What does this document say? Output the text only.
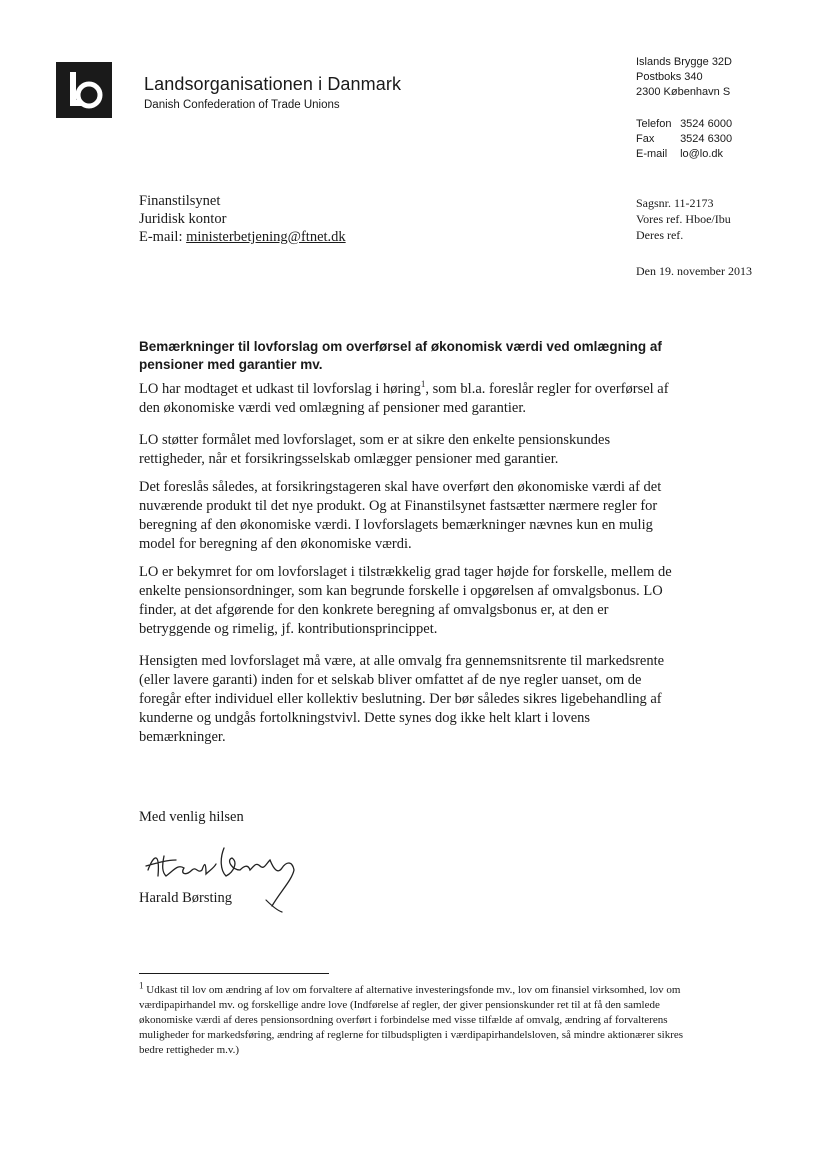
Landsorganisationen i Danmark
Danish Confederation of Trade Unions
Islands Brygge 32D
Postboks 340
2300 København S
Telefon 3524 6000
Fax 3524 6300
E-mail lo@lo.dk
Finanstilsynet
Juridisk kontor
E-mail: ministerbetjening@ftnet.dk
Sagsnr. 11-2173
Vores ref. Hboe/Ibu
Deres ref.
Den 19. november 2013
Bemærkninger til lovforslag om overførsel af økonomisk værdi ved omlægning af pensioner med garantier mv.

LO har modtaget et udkast til lovforslag i høring$^1$, som bl.a. foreslår regler for overførsel af den økonomiske værdi ved omlægning af pensioner med garantier.

LO støtter formålet med lovforslaget, som er at sikre den enkelte pensionskundes rettigheder, når et forsikringsselskab omlægger pensioner med garantier.

Det foreslås således, at forsikringstageren skal have overført den økonomiske værdi af det nuværende produkt til det nye produkt. Og at Finanstilsynet fastsætter nærmere regler for beregning af den økonomiske værdi. I lovforslagets bemærkninger nævnes kun en mulig model for beregning af den økonomiske værdi.

LO er bekymret for om lovforslaget i tilstrækkelig grad tager højde for forskelle, mellem de enkelte pensionsordninger, som kan begrunde forskelle i opgørelsen af omvalgsbonus. LO finder, at det afgørende for den konkrete beregning af omvalgsbonus er, at den er betryggende og rimelig, jf. kontributionsprincippet.

Hensigten med lovforslaget må være, at alle omvalg fra gennemsnitsrente til markedsrente (eller lavere garanti) inden for et selskab bliver omfattet af de nye regler uanset, om de foregår efter individuel eller kollektiv beslutning. Der bør således sikres ligebehandling af kunderne og undgås fortolkningstvivl. Dette synes dog ikke helt klart i lovens bemærkninger.

Med venlig hilsen
Harald Børsting
$^1$ Udkast til lov om ændring af lov om forvaltere af alternative investeringsfonde mv., lov om finansiel virksomhed, lov om værdipapirhandel mv. og forskellige andre love (Indførelse af regler, der giver pensionskunder ret til at få den samlede økonomiske værdi af deres pensionsordning overført i forbindelse med visse tilfælde af omvalg, ændring af forvalterens muligheder for markedsføring, ændring af reglerne for tilbudspligten i værdipapirhandelsloven, så mindre aktionærer sikres bedre rettigheder m.v.)
